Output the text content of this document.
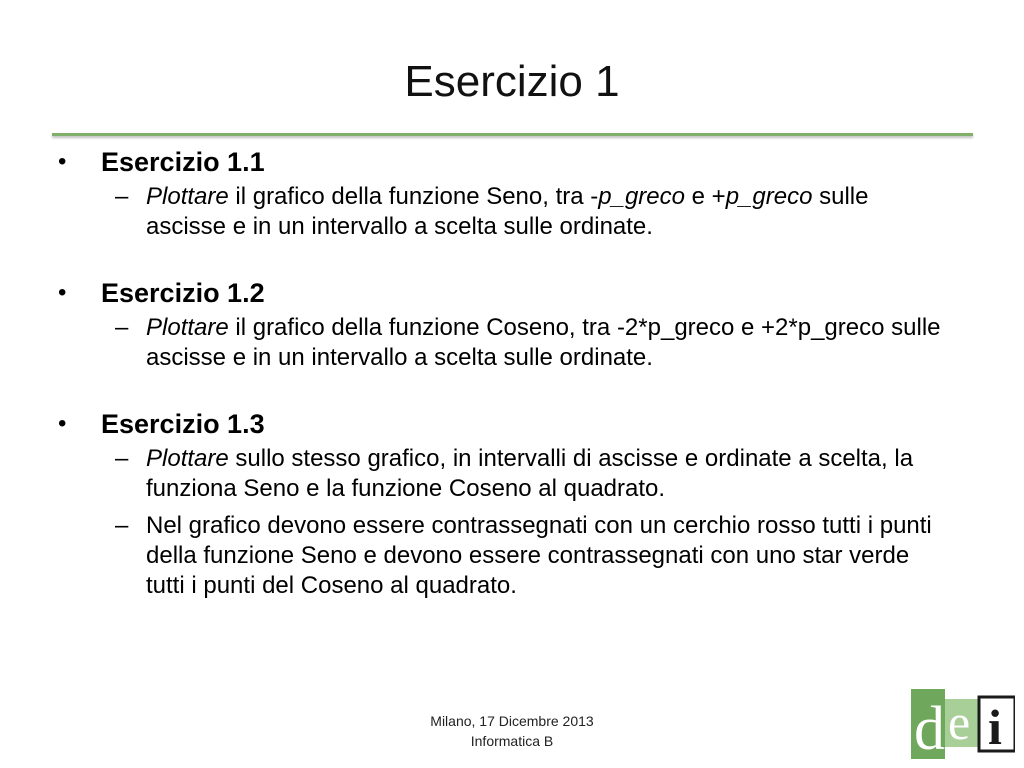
Esercizio 1
• Esercizio 1.1
– Plottare il grafico della funzione Seno, tra -p_greco e +p_greco sulle ascisse e in un intervallo a scelta sulle ordinate.
• Esercizio 1.2
– Plottare il grafico della funzione Coseno, tra -2*p_greco e +2*p_greco sulle ascisse e in un intervallo a scelta sulle ordinate.
• Esercizio 1.3
– Plottare sullo stesso grafico, in intervalli di ascisse e ordinate a scelta, la funziona Seno e la funzione Coseno al quadrato.
– Nel grafico devono essere contrassegnati con un cerchio rosso tutti i punti della funzione Seno e devono essere contrassegnati con uno star verde tutti i punti del Coseno al quadrato.
Milano, 17 Dicembre 2013
Informatica B	d e i
